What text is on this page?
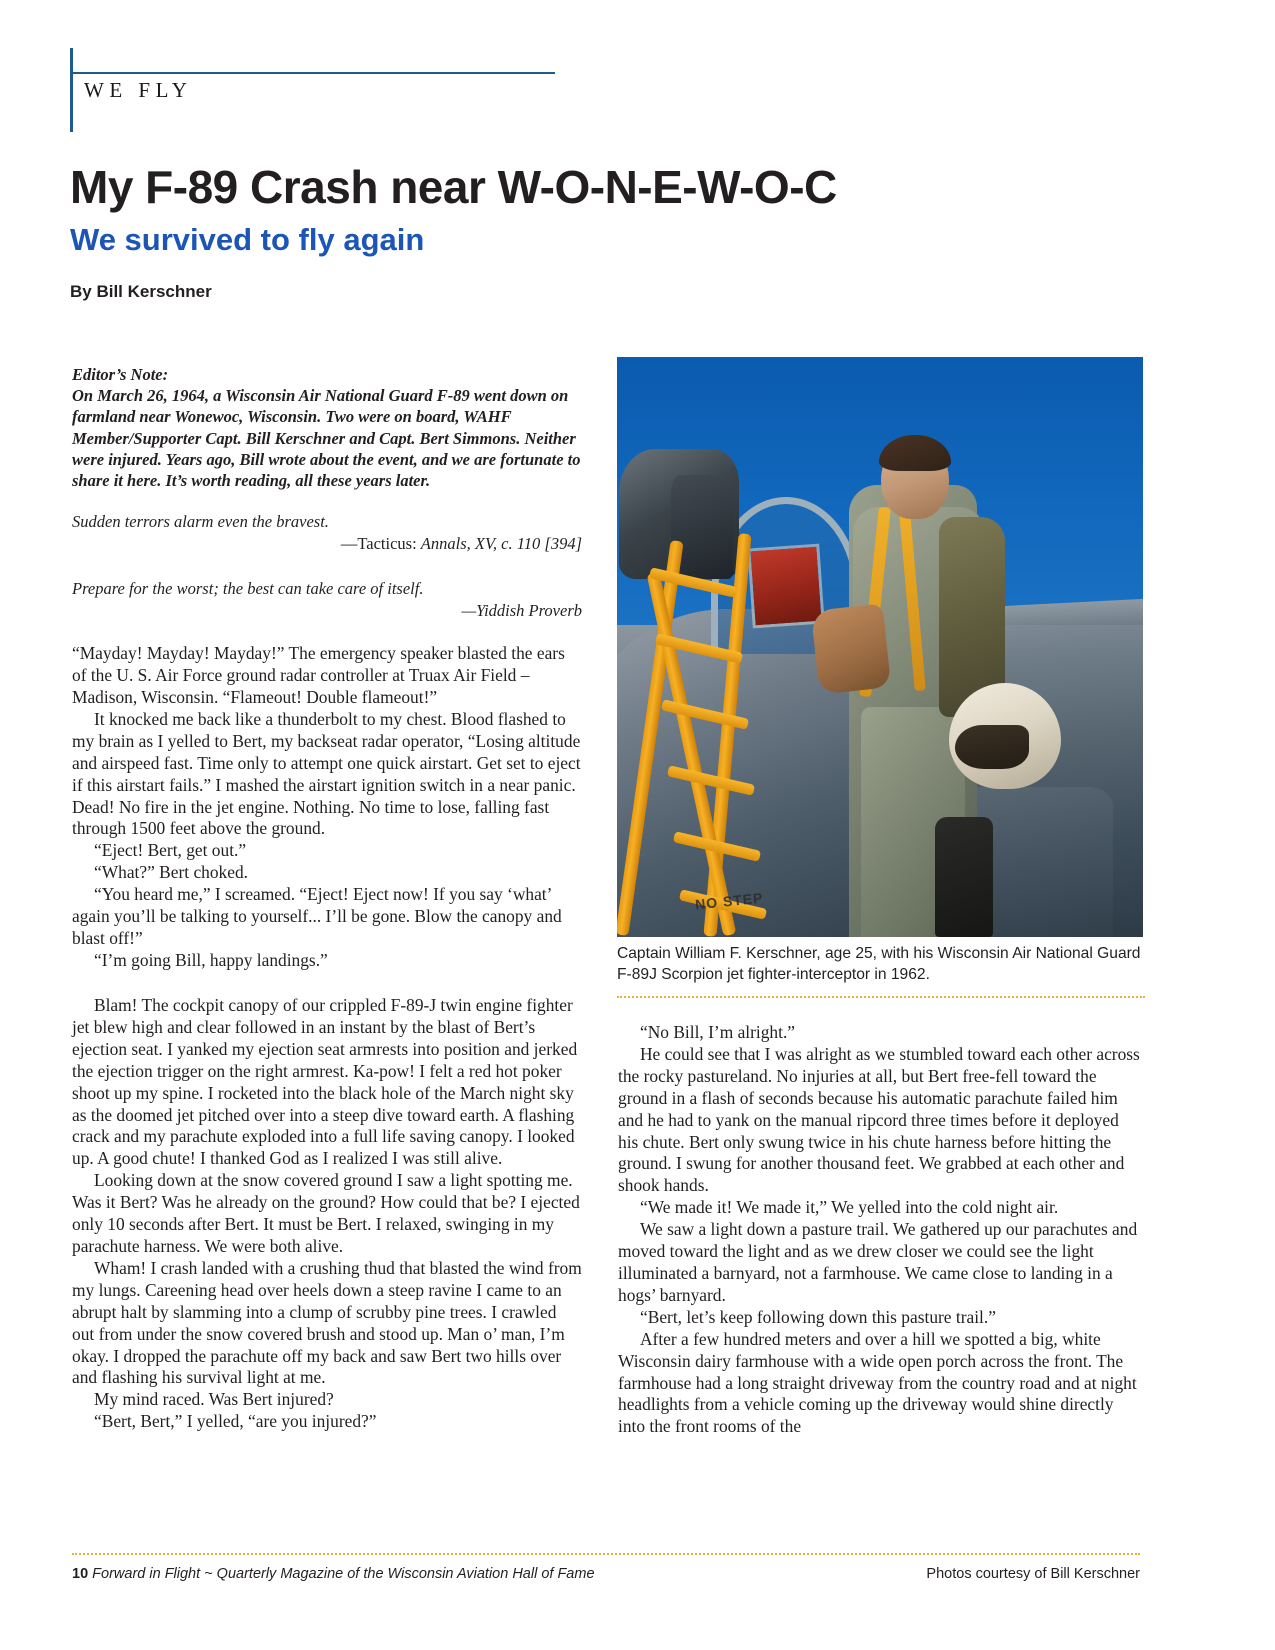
WE FLY
My F-89 Crash near W-O-N-E-W-O-C
We survived to fly again
By Bill Kerschner
Editor’s Note:
On March 26, 1964, a Wisconsin Air National Guard F-89 went down on farmland near Wonewoc, Wisconsin. Two were on board, WAHF Member/Supporter Capt. Bill Kerschner and Capt. Bert Simmons. Neither were injured. Years ago, Bill wrote about the event, and we are fortunate to share it here. It’s worth reading, all these years later.

Sudden terrors alarm even the bravest.

—Tacticus: Annals, XV, c. 110 [394]

Prepare for the worst; the best can take care of itself.

—Yiddish Proverb

“Mayday! Mayday! Mayday!” The emergency speaker blasted the ears of the U. S. Air Force ground radar controller at Truax Air Field – Madison, Wisconsin. “Flameout! Double flameout!”

It knocked me back like a thunderbolt to my chest. Blood flashed to my brain as I yelled to Bert, my backseat radar operator, “Losing altitude and airspeed fast. Time only to attempt one quick airstart. Get set to eject if this airstart fails.” I mashed the airstart ignition switch in a near panic. Dead! No fire in the jet engine. Nothing. No time to lose, falling fast through 1500 feet above the ground.

“Eject! Bert, get out.”

“What?” Bert choked.

“You heard me,” I screamed. “Eject! Eject now! If you say ‘what’ again you’ll be talking to yourself... I’ll be gone. Blow the canopy and blast off!”

“I’m going Bill, happy landings.”

Blam! The cockpit canopy of our crippled F-89-J twin engine fighter jet blew high and clear followed in an instant by the blast of Bert’s ejection seat. I yanked my ejection seat armrests into position and jerked the ejection trigger on the right armrest. Ka-pow! I felt a red hot poker shoot up my spine. I rocketed into the black hole of the March night sky as the doomed jet pitched over into a steep dive toward earth. A flashing crack and my parachute exploded into a full life saving canopy. I looked up. A good chute! I thanked God as I realized I was still alive.

Looking down at the snow covered ground I saw a light spotting me. Was it Bert? Was he already on the ground? How could that be? I ejected only 10 seconds after Bert. It must be Bert. I relaxed, swinging in my parachute harness. We were both alive.

Wham! I crash landed with a crushing thud that blasted the wind from my lungs. Careening head over heels down a steep ravine I came to an abrupt halt by slamming into a clump of scrubby pine trees. I crawled out from under the snow covered brush and stood up. Man o’ man, I’m okay. I dropped the parachute off my back and saw Bert two hills over and flashing his survival light at me.

My mind raced. Was Bert injured?

“Bert, Bert,” I yelled, “are you injured?”

NO STEP
Captain William F. Kerschner, age 25, with his Wisconsin Air National Guard F-89J Scorpion jet fighter-interceptor in 1962.

“No Bill, I’m alright.”

He could see that I was alright as we stumbled toward each other across the rocky pastureland. No injuries at all, but Bert free-fell toward the ground in a flash of seconds because his automatic parachute failed him and he had to yank on the manual ripcord three times before it deployed his chute. Bert only swung twice in his chute harness before hitting the ground. I swung for another thousand feet. We grabbed at each other and shook hands.

“We made it! We made it,” We yelled into the cold night air.

We saw a light down a pasture trail. We gathered up our parachutes and moved toward the light and as we drew closer we could see the light illuminated a barnyard, not a farmhouse. We came close to landing in a hogs’ barnyard.

“Bert, let’s keep following down this pasture trail.”

After a few hundred meters and over a hill we spotted a big, white Wisconsin dairy farmhouse with a wide open porch across the front. The farmhouse had a long straight driveway from the country road and at night headlights from a vehicle coming up the driveway would shine directly into the front rooms of the

10 Forward in Flight ~ Quarterly Magazine of the Wisconsin Aviation Hall of Fame	Photos courtesy of Bill Kerschner
